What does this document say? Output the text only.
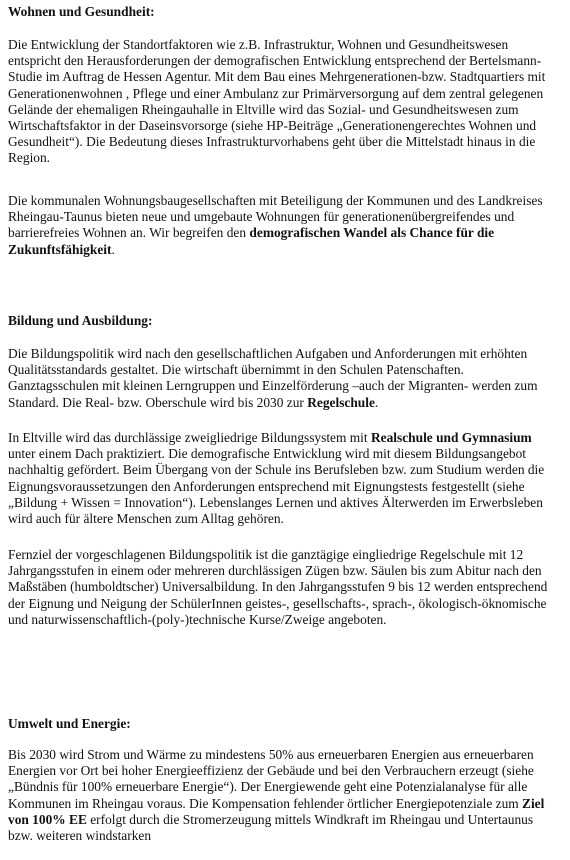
Wohnen und Gesundheit:

Die Entwicklung der Standortfaktoren wie z.B. Infrastruktur, Wohnen und Gesundheitswesen entspricht den Herausforderungen der demografischen Entwicklung entsprechend der Bertelsmann-Studie im Auftrag de Hessen Agentur. Mit dem Bau eines Mehrgenerationen-bzw. Stadtquartiers mit Generationenwohnen , Pflege und einer Ambulanz zur Primärversorgung auf dem zentral gelegenen Gelände der ehemaligen Rheingauhalle in Eltville wird das Sozial- und Gesundheitswesen zum Wirtschaftsfaktor in der Daseinsvorsorge (siehe HP-Beiträge „Generationengerechtes Wohnen und Gesundheit“). Die Bedeutung dieses Infrastrukturvorhabens geht über die Mittelstadt hinaus in die Region.

Die kommunalen Wohnungsbaugesellschaften mit Beteiligung der Kommunen und des Landkreises Rheingau-Taunus bieten neue und umgebaute Wohnungen für generationenübergreifendes und barrierefreies Wohnen an. Wir begreifen den demografischen Wandel als Chance für die Zukunftsfähigkeit.

Bildung und Ausbildung:

Die Bildungspolitik wird nach den gesellschaftlichen Aufgaben und Anforderungen mit erhöhten Qualitätsstandards gestaltet. Die wirtschaft übernimmt in den Schulen Patenschaften. Ganztagsschulen mit kleinen Lerngruppen und Einzelförderung –auch der Migranten- werden zum Standard. Die Real- bzw. Oberschule wird bis 2030 zur Regelschule.

In Eltville wird das durchlässige zweigliedrige Bildungssystem mit Realschule und Gymnasium unter einem Dach praktiziert. Die demografische Entwicklung wird mit diesem Bildungsangebot nachhaltig gefördert. Beim Übergang von der Schule ins Berufsleben bzw. zum Studium werden die Eignungsvoraussetzungen den Anforderungen entsprechend mit Eignungstests festgestellt (siehe „Bildung + Wissen = Innovation“). Lebenslanges Lernen und aktives Älterwerden im Erwerbsleben wird auch für ältere Menschen zum Alltag gehören.

Fernziel der vorgeschlagenen Bildungspolitik ist die ganztägige eingliedrige Regelschule mit 12 Jahrgangsstufen in einem oder mehreren durchlässigen Zügen bzw. Säulen bis zum Abitur nach den Maßstäben (humboldtscher) Universalbildung. In den Jahrgangsstufen 9 bis 12 werden entsprechend der Eignung und Neigung der SchülerInnen geistes-, gesellschafts-, sprach-, ökologisch-öknomische und naturwissenschaftlich-(poly-)technische Kurse/Zweige angeboten.

Umwelt und Energie:

Bis 2030 wird Strom und Wärme zu mindestens 50% aus erneuerbaren Energien aus erneuerbaren Energien vor Ort bei hoher Energieeffizienz der Gebäude und bei den Verbrauchern erzeugt (siehe „Bündnis für 100% erneuerbare Energie“). Der Energiewende geht eine Potenzialanalyse für alle Kommunen im Rheingau voraus. Die Kompensation fehlender örtlicher Energiepotenziale zum Ziel von 100% EE erfolgt durch die Stromerzeugung mittels Windkraft im Rheingau und Untertaunus bzw. weiteren windstarken
